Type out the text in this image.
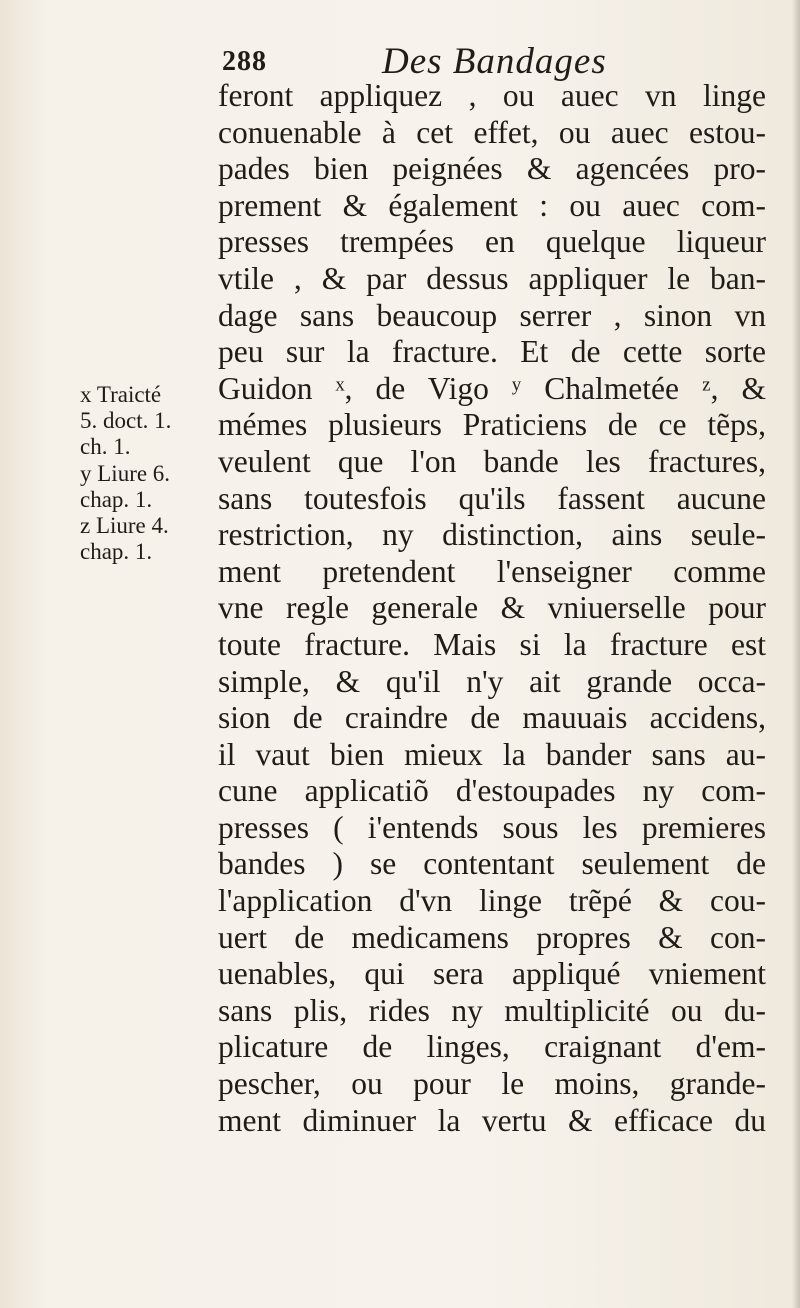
288	Des Bandages
x Traicté
5. doct. 1.
ch. 1.
y Liure 6.
chap. 1.
z Liure 4.
chap. 1.
feront appliquez , ou auec vn linge
conuenable à cet effet, ou auec estou-
pades bien peignées & agencées pro-
prement & également : ou auec com-
presses trempées en quelque liqueur
vtile , & par dessus appliquer le ban-
dage sans beaucoup serrer , sinon vn
peu sur la fracture. Et de cette sorte
Guidon ˣ, de Vigo ʸ Chalmetée ᶻ, &
mémes plusieurs Praticiens de ce tẽps,
veulent que l'on bande les fractures,
sans toutesfois qu'ils fassent aucune
restriction, ny distinction, ains seule-
ment pretendent l'enseigner comme
vne regle generale & vniuerselle pour
toute fracture. Mais si la fracture est
simple, & qu'il n'y ait grande occa-
sion de craindre de mauuais accidens,
il vaut bien mieux la bander sans au-
cune applicatiõ d'estoupades ny com-
presses ( i'entends sous les premieres
bandes ) se contentant seulement de
l'application d'vn linge trẽpé & cou-
uert de medicamens propres & con-
uenables, qui sera appliqué vniement
sans plis, rides ny multiplicité ou du-
plicature de linges, craignant d'em-
pescher, ou pour le moins, grande-
ment diminuer la vertu & efficace du
